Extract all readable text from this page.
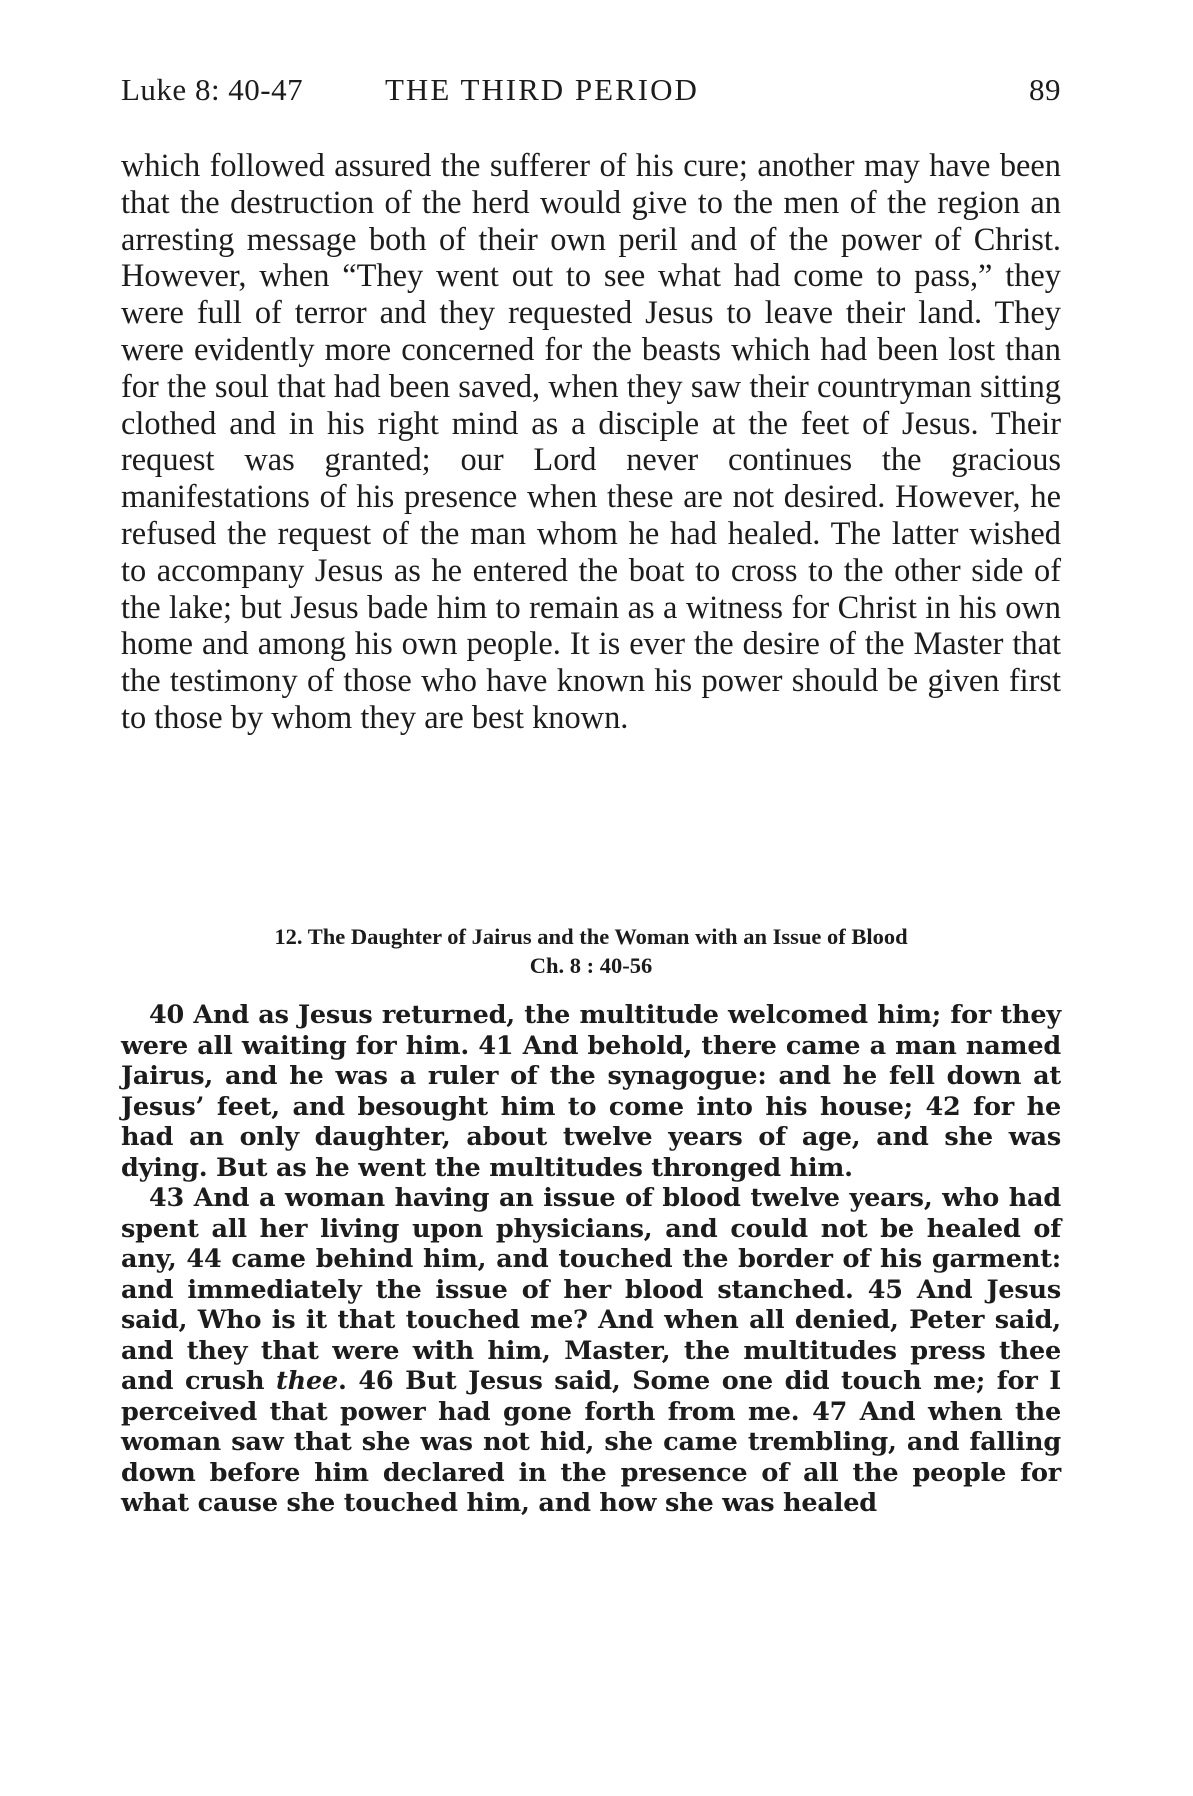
Luke 8: 40-47	THE THIRD PERIOD	89

which followed assured the sufferer of his cure; another may have been that the destruction of the herd would give to the men of the region an arresting message both of their own peril and of the power of Christ. However, when “They went out to see what had come to pass,” they were full of terror and they requested Jesus to leave their land. They were evidently more concerned for the beasts which had been lost than for the soul that had been saved, when they saw their countryman sitting clothed and in his right mind as a disciple at the feet of Jesus. Their request was granted; our Lord never continues the gracious manifestations of his presence when these are not desired. However, he refused the request of the man whom he had healed. The latter wished to accompany Jesus as he entered the boat to cross to the other side of the lake; but Jesus bade him to remain as a witness for Christ in his own home and among his own people. It is ever the desire of the Master that the testimony of those who have known his power should be given first to those by whom they are best known.

12. The Daughter of Jairus and the Woman with an Issue of Blood
Ch. 8 : 40-56

40 And as Jesus returned, the multitude welcomed him; for they were all waiting for him. 41 And behold, there came a man named Jairus, and he was a ruler of the synagogue: and he fell down at Jesus’ feet, and besought him to come into his house; 42 for he had an only daughter, about twelve years of age, and she was dying. But as he went the multitudes thronged him.

43 And a woman having an issue of blood twelve years, who had spent all her living upon physicians, and could not be healed of any, 44 came behind him, and touched the border of his garment: and immediately the issue of her blood stanched. 45 And Jesus said, Who is it that touched me? And when all denied, Peter said, and they that were with him, Master, the multitudes press thee and crush thee. 46 But Jesus said, Some one did touch me; for I perceived that power had gone forth from me. 47 And when the woman saw that she was not hid, she came trembling, and falling down before him declared in the presence of all the people for what cause she touched him, and how she was healed
